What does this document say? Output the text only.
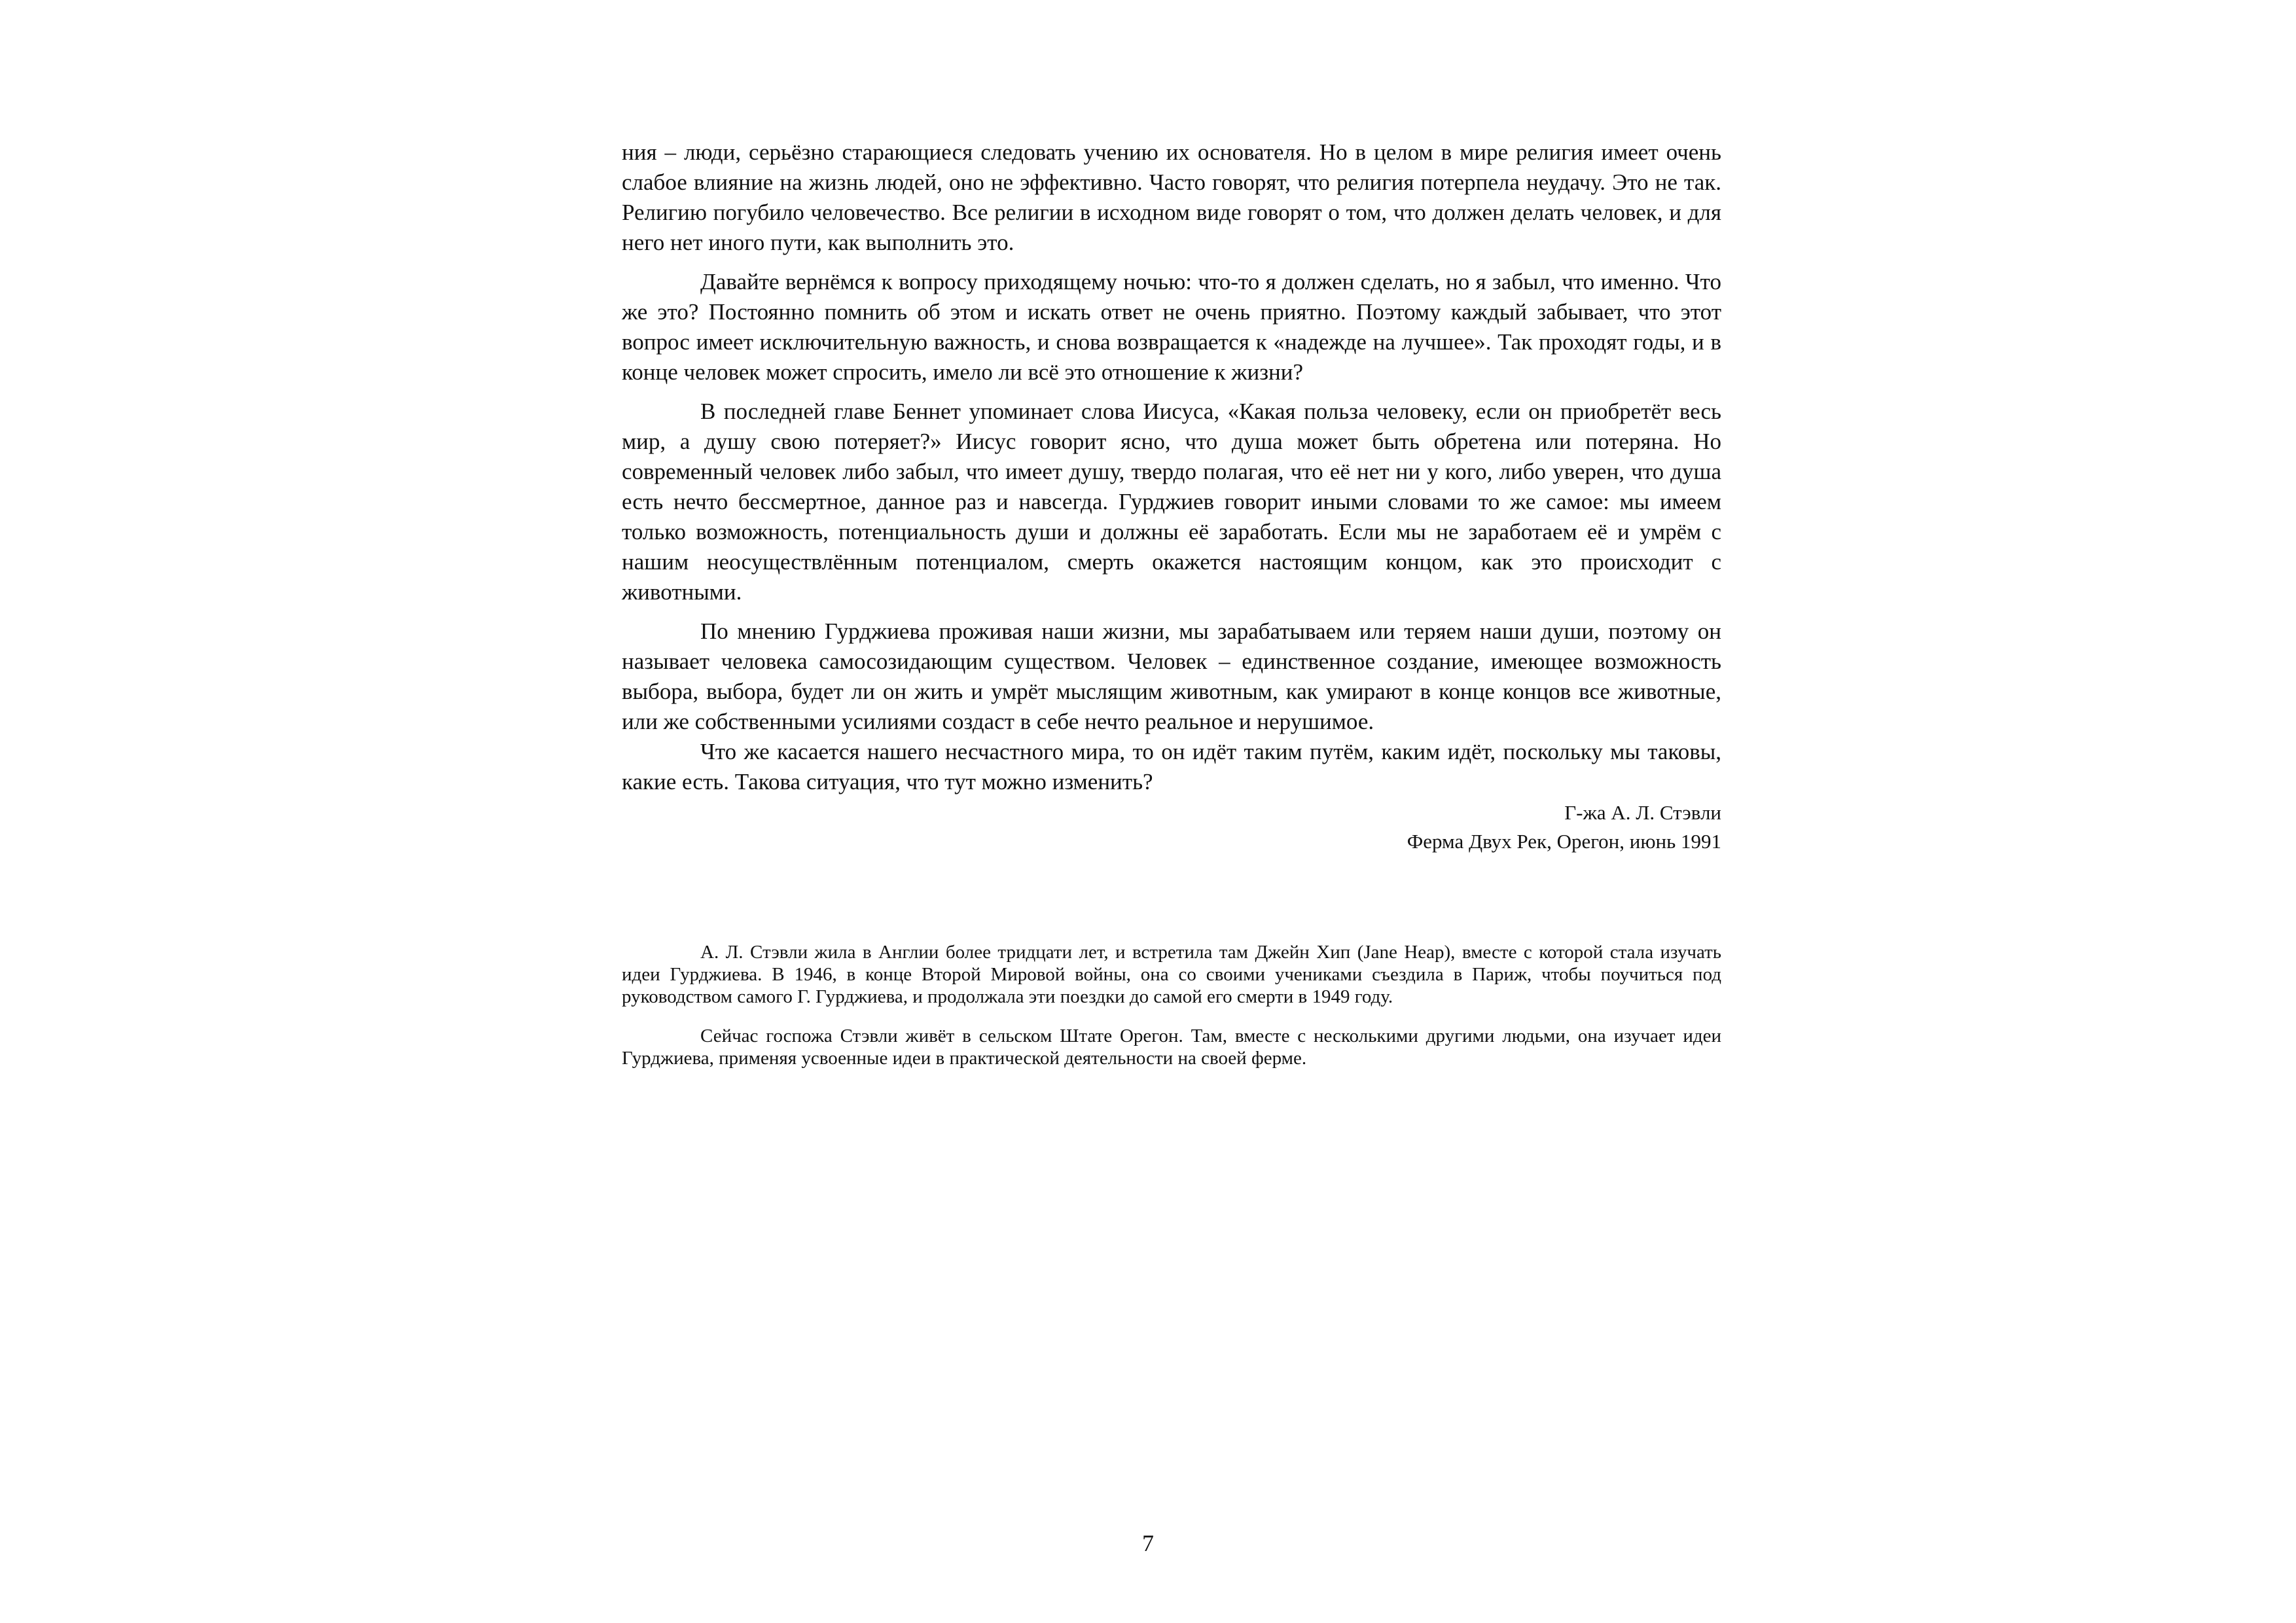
ния – люди, серьёзно старающиеся следовать учению их основателя. Но в целом в мире религия имеет очень слабое влияние на жизнь людей, оно не эффективно. Часто говорят, что религия потерпела неудачу. Это не так. Религию погубило человечество. Все религии в исходном виде говорят о том, что должен делать человек, и для него нет иного пути, как выполнить это.

Давайте вернёмся к вопросу приходящему ночью: что-то я должен сделать, но я забыл, что именно. Что же это? Постоянно помнить об этом и искать ответ не очень приятно. Поэтому каждый забывает, что этот вопрос имеет исключительную важность, и снова возвращается к «надежде на лучшее». Так проходят годы, и в конце человек может спросить, имело ли всё это отношение к жизни?

В последней главе Беннет упоминает слова Иисуса, «Какая польза человеку, если он приобретёт весь мир, а душу свою потеряет?» Иисус говорит ясно, что душа может быть обретена или потеряна. Но современный человек либо забыл, что имеет душу, твердо полагая, что её нет ни у кого, либо уверен, что душа есть нечто бессмертное, данное раз и навсегда. Гурджиев говорит иными словами то же самое: мы имеем только возможность, потенциальность души и должны её заработать. Если мы не заработаем её и умрём с нашим неосуществлённым потенциалом, смерть окажется настоящим концом, как это происходит с животными.

По мнению Гурджиева проживая наши жизни, мы зарабатываем или теряем наши души, поэтому он называет человека самосозидающим существом. Человек – единственное создание, имеющее возможность выбора, выбора, будет ли он жить и умрёт мыслящим животным, как умирают в конце концов все животные, или же собственными усилиями создаст в себе нечто реальное и нерушимое.

Что же касается нашего несчастного мира, то он идёт таким путём, каким идёт, поскольку мы таковы, какие есть. Такова ситуация, что тут можно изменить?

Г-жа А. Л. Стэвли
Ферма Двух Рек, Орегон, июнь 1991

А. Л. Стэвли жила в Англии более тридцати лет, и встретила там Джейн Хип (Jane Heap), вместе с которой стала изучать идеи Гурджиева. В 1946, в конце Второй Мировой войны, она со своими учениками съездила в Париж, чтобы поучиться под руководством самого Г. Гурджиева, и продолжала эти поездки до самой его смерти в 1949 году.

Сейчас госпожа Стэвли живёт в сельском Штате Орегон. Там, вместе с несколькими другими людьми, она изучает идеи Гурджиева, применяя усвоенные идеи в практической деятельности на своей ферме.

7
